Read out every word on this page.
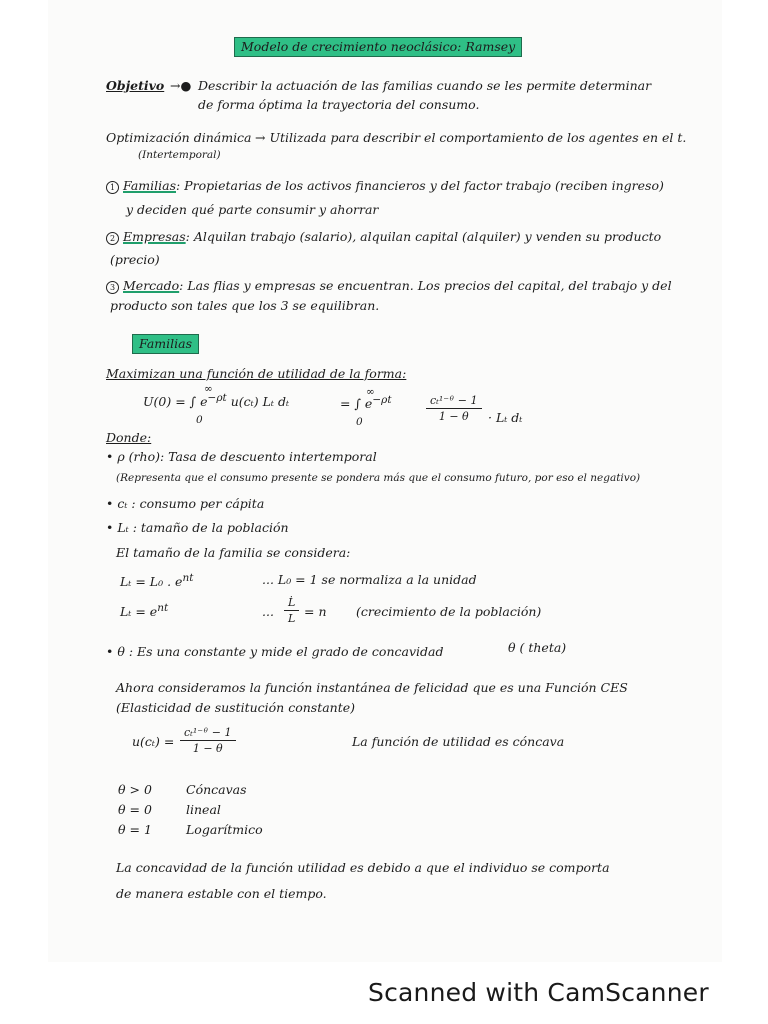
Modelo de crecimiento neoclásico: Ramsey
Objetivo →● Describir la actuación de las familias cuando se les permite determinar
de forma óptima la trayectoria del consumo.
Optimización dinámica → Utilizada para describir el comportamiento de los agentes en el t.
(Intertemporal)
1 Familias: Propietarias de los activos financieros y del factor trabajo (reciben ingreso)
y deciden qué parte consumir y ahorrar
2 Empresas: Alquilan trabajo (salario), alquilan capital (alquiler) y venden su producto
(precio)
3 Mercado: Las flias y empresas se encuentran. Los precios del capital, del trabajo y del
producto son tales que los 3 se equilibran.
Familias
Maximizan una función de utilidad de la forma:
U(0) = ∫ $e^{-\rho t}$ u(cₜ) Lₜ dₜ
∞
0
= ∫ $e^{-\rho t}$	$\frac{\text{cₜ¹⁻ᶿ − 1}}{1 - \theta} \cdot L_t$ dₜ
∞
0
Donde:
• ρ (rho): Tasa de descuento intertemporal
(Representa que el consumo presente se pondera más que el consumo futuro, por eso el negativo)
• cₜ : consumo per cápita
• Lₜ : tamaño de la población
El tamaño de la familia se considera:
Lₜ = L₀ . $e^{nt}$	... L₀ = 1 se normaliza a la unidad
$L_t = e^{nt}$	... $\frac{L̇}{L} = n$ (crecimiento de la población)
• θ : Es una constante y mide el grado de concavidad	θ ( theta)
Ahora consideramos la función instantánea de felicidad que es una Función CES
(Elasticidad de sustitución constante)
$u(c_t) = \frac{\text{cₜ¹⁻ᶿ − 1}}{1 - \theta}$	La función de utilidad es cóncava
θ > 0	Cóncavas
θ = 0	lineal
θ = 1	Logarítmico
La concavidad de la función utilidad es debido a que el individuo se comporta
de manera estable con el tiempo.
Scanned with CamScanner
